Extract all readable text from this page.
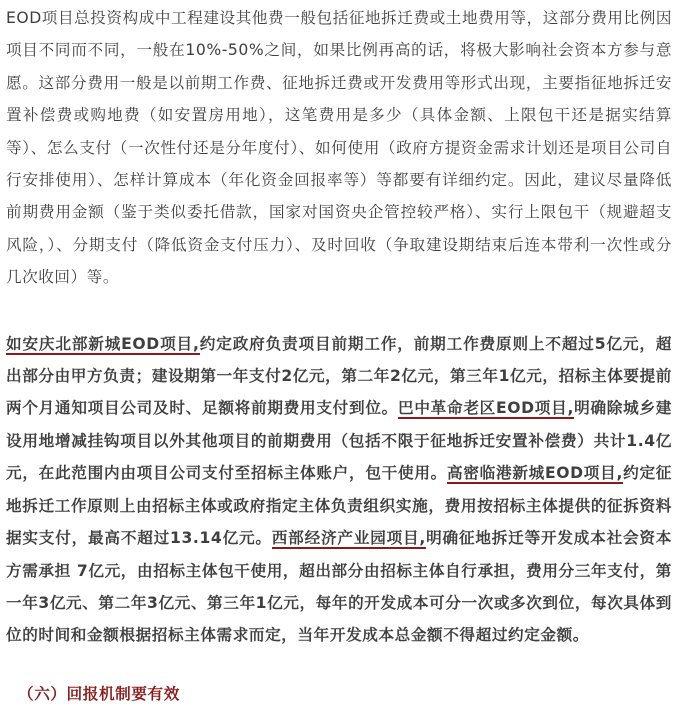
EOD项目总投资构成中工程建设其他费一般包括征地拆迁费或土地费用等，这部分费用比例因项目不同而不同，一般在10%-50%之间，如果比例再高的话，将极大影响社会资本方参与意愿。这部分费用一般是以前期工作费、征地拆迁费或开发费用等形式出现，主要指征地拆迁安置补偿费或购地费（如安置房用地），这笔费用是多少（具体金额、上限包干还是据实结算等）、怎么支付（一次性付还是分年度付）、如何使用（政府方提资金需求计划还是项目公司自行安排使用）、怎样计算成本（年化资金回报率等）等都要有详细约定。因此，建议尽量降低前期费用金额（鉴于类似委托借款，国家对国资央企管控较严格）、实行上限包干（规避超支风险，）、分期支付（降低资金支付压力）、及时回收（争取建设期结束后连本带利一次性或分几次收回）等。

如安庆北部新城EOD项目,约定政府负责项目前期工作，前期工作费原则上不超过5亿元，超出部分由甲方负责；建设期第一年支付2亿元，第二年2亿元，第三年1亿元，招标主体要提前两个月通知项目公司及时、足额将前期费用支付到位。巴中革命老区EOD项目,明确除城乡建设用地增减挂钩项目以外其他项目的前期费用（包括不限于征地拆迁安置补偿费）共计1.4亿元，在此范围内由项目公司支付至招标主体账户，包干使用。高密临港新城EOD项目,约定征地拆迁工作原则上由招标主体或政府指定主体负责组织实施，费用按招标主体提供的征拆资料据实支付，最高不超过13.14亿元。西部经济产业园项目,明确征地拆迁等开发成本社会资本方需承担 7亿元，由招标主体包干使用，超出部分由招标主体自行承担，费用分三年支付，第一年3亿元、第二年3亿元、第三年1亿元，每年的开发成本可分一次或多次到位，每次具体到位的时间和金额根据招标主体需求而定，当年开发成本总金额不得超过约定金额。

（六）回报机制要有效
